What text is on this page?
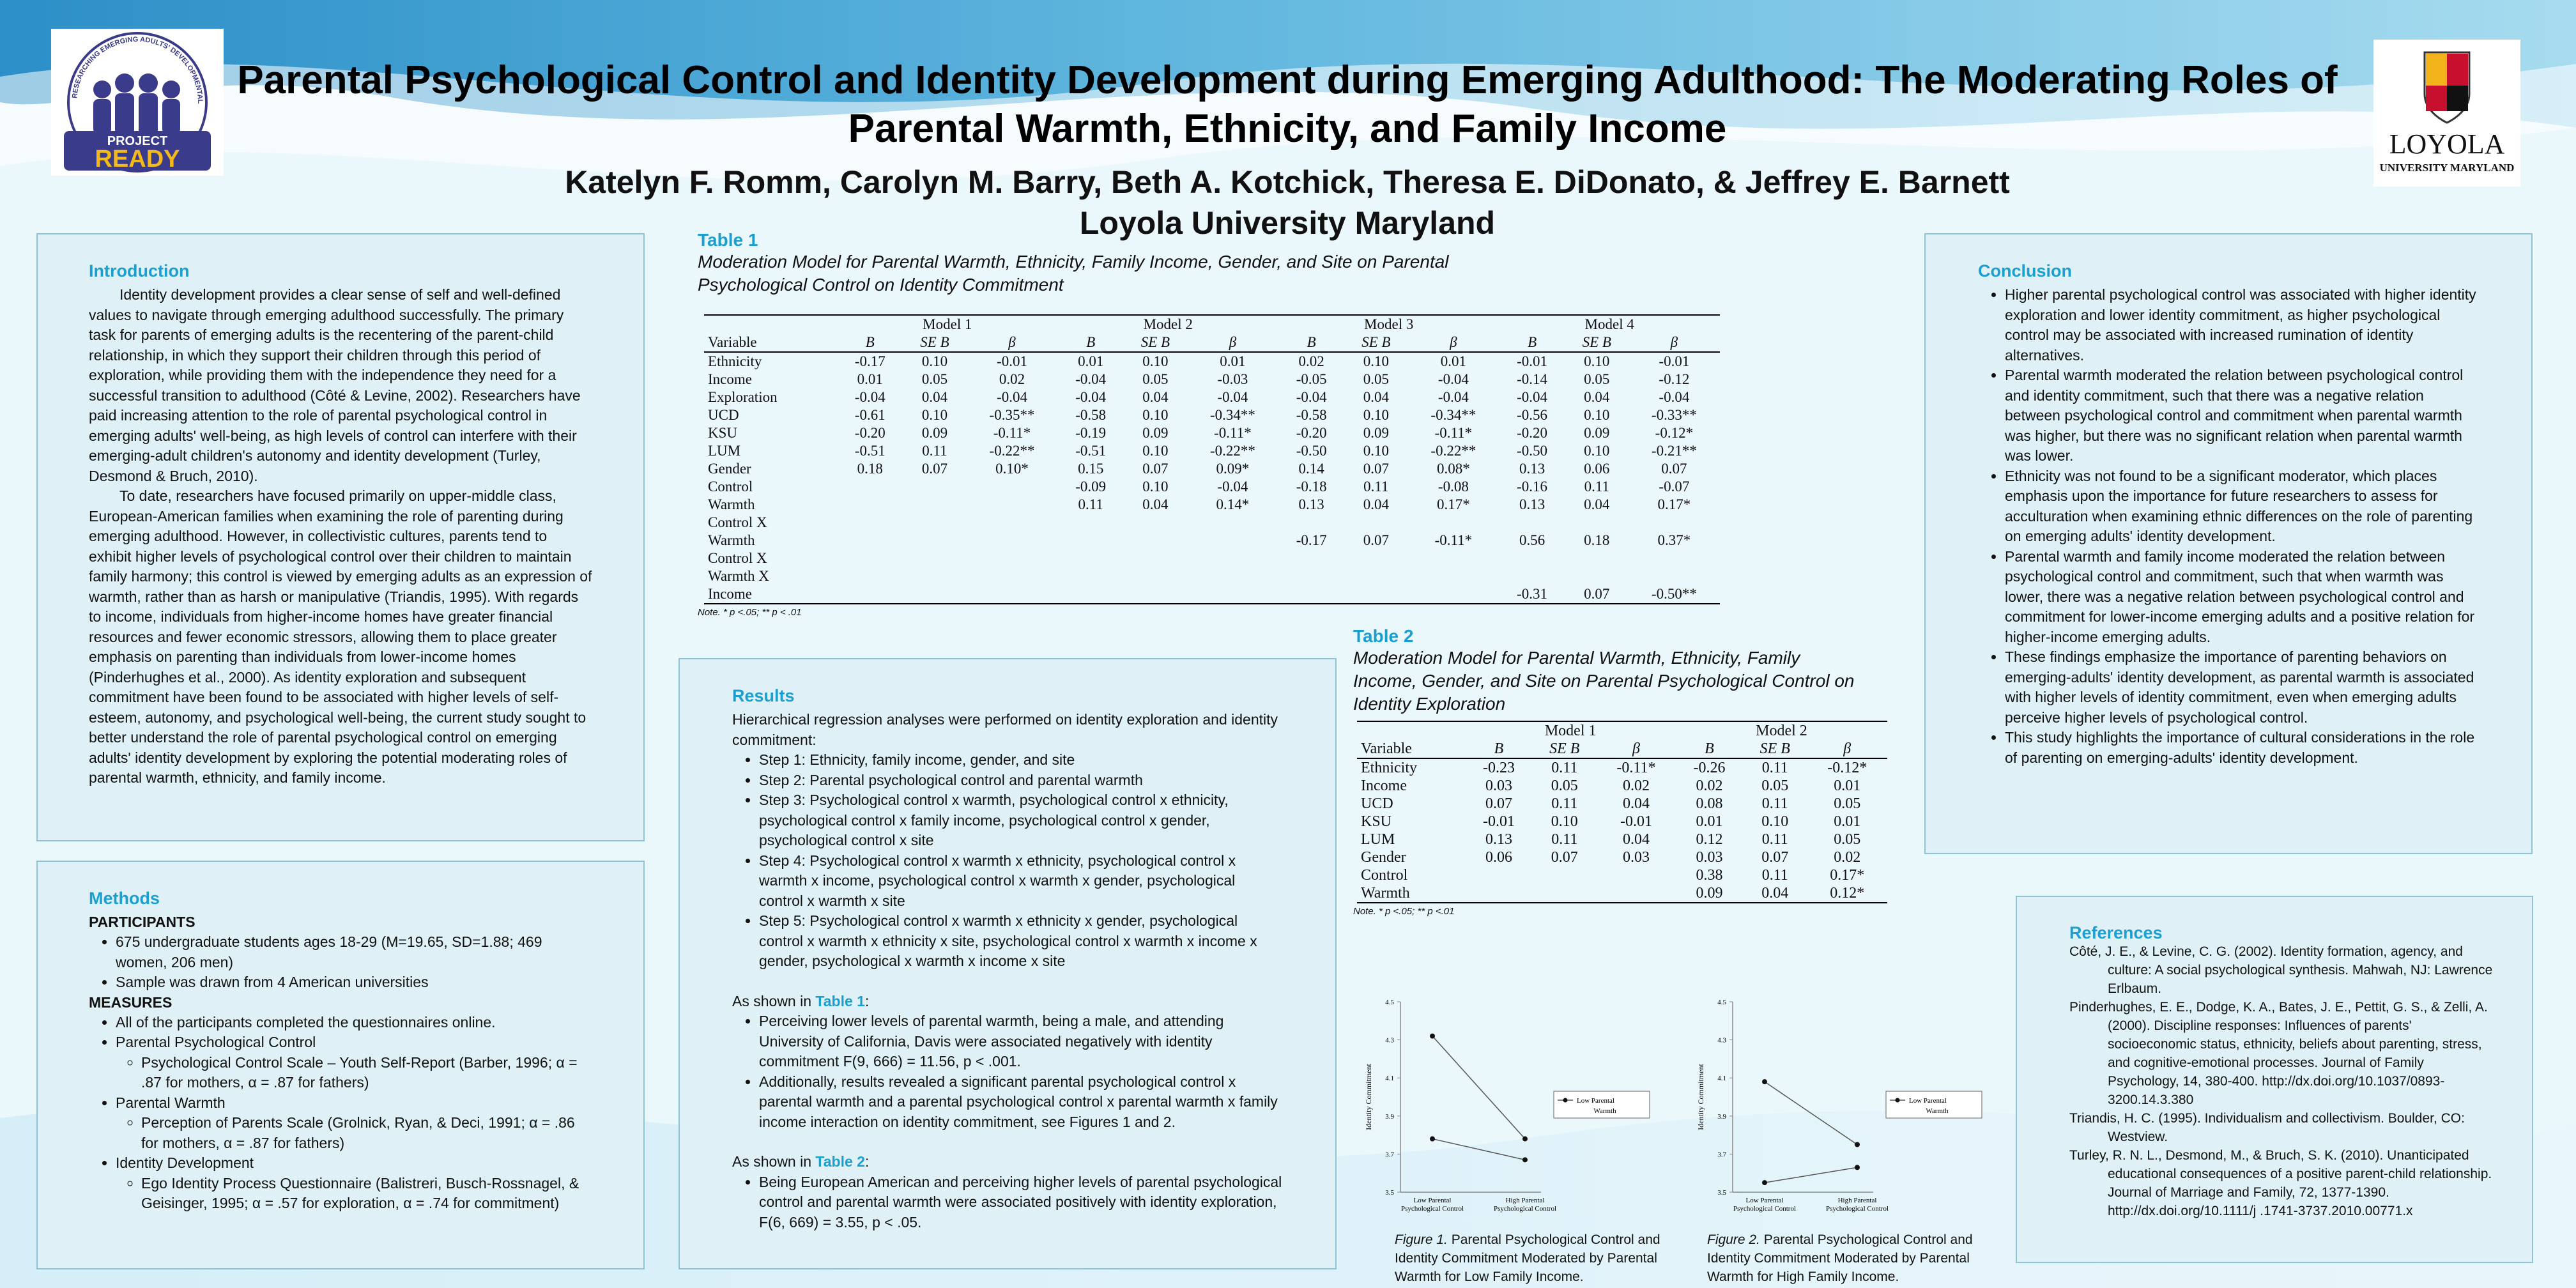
PROJECT
READY
RESEARCHING EMERGING ADULTS' DEVELOPMENTAL
LOYOLA
UNIVERSITY MARYLAND
Parental Psychological Control and Identity Development during Emerging Adulthood: The Moderating Roles of Parental Warmth, Ethnicity, and Family Income
Katelyn F. Romm, Carolyn M. Barry, Beth A. Kotchick, Theresa E. DiDonato, & Jeffrey E. Barnett
Loyola University Maryland

Introduction

Identity development provides a clear sense of self and well-defined values to navigate through emerging adulthood successfully. The primary task for parents of emerging adults is the recentering of the parent-child relationship, in which they support their children through this period of exploration, while providing them with the independence they need for a successful transition to adulthood (Côté & Levine, 2002). Researchers have paid increasing attention to the role of parental psychological control in emerging adults' well-being, as high levels of control can interfere with their emerging-adult children's autonomy and identity development (Turley, Desmond & Bruch, 2010).

To date, researchers have focused primarily on upper-middle class, European-American families when examining the role of parenting during emerging adulthood. However, in collectivistic cultures, parents tend to exhibit higher levels of psychological control over their children to maintain family harmony; this control is viewed by emerging adults as an expression of warmth, rather than as harsh or manipulative (Triandis, 1995). With regards to income, individuals from higher-income homes have greater financial resources and fewer economic stressors, allowing them to place greater emphasis on parenting than individuals from lower-income homes (Pinderhughes et al., 2000). As identity exploration and subsequent commitment have been found to be associated with higher levels of self-esteem, autonomy, and psychological well-being, the current study sought to better understand the role of parental psychological control on emerging adults' identity development by exploring the potential moderating roles of parental warmth, ethnicity, and family income.

Methods

PARTICIPANTS

• 675 undergraduate students ages 18-29 (M=19.65, SD=1.88; 469 women, 206 men)
• Sample was drawn from 4 American universities

MEASURES

• All of the participants completed the questionnaires online.
• Parental Psychological Control
◦ Psychological Control Scale – Youth Self-Report (Barber, 1996; α = .87 for mothers, α = .87 for fathers)
• Parental Warmth
◦ Perception of Parents Scale (Grolnick, Ryan, & Deci, 1991; α = .86 for mothers, α = .87 for fathers)
• Identity Development
◦ Ego Identity Process Questionnaire (Balistreri, Busch-Rossnagel, & Geisinger, 1995; α = .57 for exploration, α = .74 for commitment)

Table 1

Moderation Model for Parental Warmth, Ethnicity, Family Income, Gender, and Site on Parental Psychological Control on Identity Commitment

	Model 1			Model 2			Model 3			Model 4		
Variable	B	SE B	β	B	SE B	β	B	SE B	β	B	SE B	β
Ethnicity	-0.17	0.10	-0.01	0.01	0.10	0.01	0.02	0.10	0.01	-0.01	0.10	-0.01
Income	0.01	0.05	0.02	-0.04	0.05	-0.03	-0.05	0.05	-0.04	-0.14	0.05	-0.12
Exploration	-0.04	0.04	-0.04	-0.04	0.04	-0.04	-0.04	0.04	-0.04	-0.04	0.04	-0.04
UCD	-0.61	0.10	-0.35**	-0.58	0.10	-0.34**	-0.58	0.10	-0.34**	-0.56	0.10	-0.33**
KSU	-0.20	0.09	-0.11*	-0.19	0.09	-0.11*	-0.20	0.09	-0.11*	-0.20	0.09	-0.12*
LUM	-0.51	0.11	-0.22**	-0.51	0.10	-0.22**	-0.50	0.10	-0.22**	-0.50	0.10	-0.21**
Gender	0.18	0.07	0.10*	0.15	0.07	0.09*	0.14	0.07	0.08*	0.13	0.06	0.07
Control				-0.09	0.10	-0.04	-0.18	0.11	-0.08	-0.16	0.11	-0.07
Warmth				0.11	0.04	0.14*	0.13	0.04	0.17*	0.13	0.04	0.17*
Control X												
Warmth							-0.17	0.07	-0.11*	0.56	0.18	0.37*
Control X												
Warmth X												
Income										-0.31	0.07	-0.50**

Note. * p <.05; ** p < .01

Results

Hierarchical regression analyses were performed on identity exploration and identity commitment:

• Step 1: Ethnicity, family income, gender, and site
• Step 2: Parental psychological control and parental warmth
• Step 3: Psychological control x warmth, psychological control x ethnicity, psychological control x family income, psychological control x gender, psychological control x site
• Step 4: Psychological control x warmth x ethnicity, psychological control x warmth x income, psychological control x warmth x gender, psychological control x warmth x site
• Step 5: Psychological control x warmth x ethnicity x gender, psychological control x warmth x ethnicity x site, psychological control x warmth x income x gender, psychological x warmth x income x site

As shown in Table 1:

• Perceiving lower levels of parental warmth, being a male, and attending University of California, Davis were associated negatively with identity commitment F(9, 666) = 11.56, p < .001.
• Additionally, results revealed a significant parental psychological control x parental warmth and a parental psychological control x parental warmth x family income interaction on identity commitment, see Figures 1 and 2.

As shown in Table 2:

• Being European American and perceiving higher levels of parental psychological control and parental warmth were associated positively with identity exploration, F(6, 669) = 3.55, p < .05.

Table 2

Moderation Model for Parental Warmth, Ethnicity, Family Income, Gender, and Site on Parental Psychological Control on Identity Exploration

	Model 1			Model 2		
Variable	B	SE B	β	B	SE B	β
Ethnicity	-0.23	0.11	-0.11*	-0.26	0.11	-0.12*
Income	0.03	0.05	0.02	0.02	0.05	0.01
UCD	0.07	0.11	0.04	0.08	0.11	0.05
KSU	-0.01	0.10	-0.01	0.01	0.10	0.01
LUM	0.13	0.11	0.04	0.12	0.11	0.05
Gender	0.06	0.07	0.03	0.03	0.07	0.02
Control				0.38	0.11	0.17*
Warmth				0.09	0.04	0.12*

Note. * p <.05; ** p <.01

3.5
3.7
3.9
4.1
4.3
4.5
Identity Commitment
Low Parental
Psychological Control
High Parental
Psychological Control
Low Parental
Warmth
3.5
3.7
3.9
4.1
4.3
4.5
Identity Commitment
Low Parental
Psychological Control
High Parental
Psychological Control
Low Parental
Warmth

Figure 1. Parental Psychological Control and Identity Commitment Moderated by Parental Warmth for Low Family Income.

Figure 2. Parental Psychological Control and Identity Commitment Moderated by Parental Warmth for High Family Income.

Conclusion

• Higher parental psychological control was associated with higher identity exploration and lower identity commitment, as higher psychological control may be associated with increased rumination of identity alternatives.
• Parental warmth moderated the relation between psychological control and identity commitment, such that there was a negative relation between psychological control and commitment when parental warmth was higher, but there was no significant relation when parental warmth was lower.
• Ethnicity was not found to be a significant moderator, which places emphasis upon the importance for future researchers to assess for acculturation when examining ethnic differences on the role of parenting on emerging adults' identity development.
• Parental warmth and family income moderated the relation between psychological control and commitment, such that when warmth was lower, there was a negative relation between psychological control and commitment for lower-income emerging adults and a positive relation for higher-income emerging adults.
• These findings emphasize the importance of parenting behaviors on emerging-adults' identity development, as parental warmth is associated with higher levels of identity commitment, even when emerging adults perceive higher levels of psychological control.
• This study highlights the importance of cultural considerations in the role of parenting on emerging-adults' identity development.

References

Côté, J. E., & Levine, C. G. (2002). Identity formation, agency, and culture: A social psychological synthesis. Mahwah, NJ: Lawrence Erlbaum.

Pinderhughes, E. E., Dodge, K. A., Bates, J. E., Pettit, G. S., & Zelli, A. (2000). Discipline responses: Influences of parents' socioeconomic status, ethnicity, beliefs about parenting, stress, and cognitive-emotional processes. Journal of Family Psychology, 14, 380-400. http://dx.doi.org/10.1037/0893-3200.14.3.380

Triandis, H. C. (1995). Individualism and collectivism. Boulder, CO: Westview.

Turley, R. N. L., Desmond, M., & Bruch, S. K. (2010). Unanticipated educational consequences of a positive parent-child relationship. Journal of Marriage and Family, 72, 1377-1390. http://dx.doi.org/10.1111/j .1741-3737.2010.00771.x
